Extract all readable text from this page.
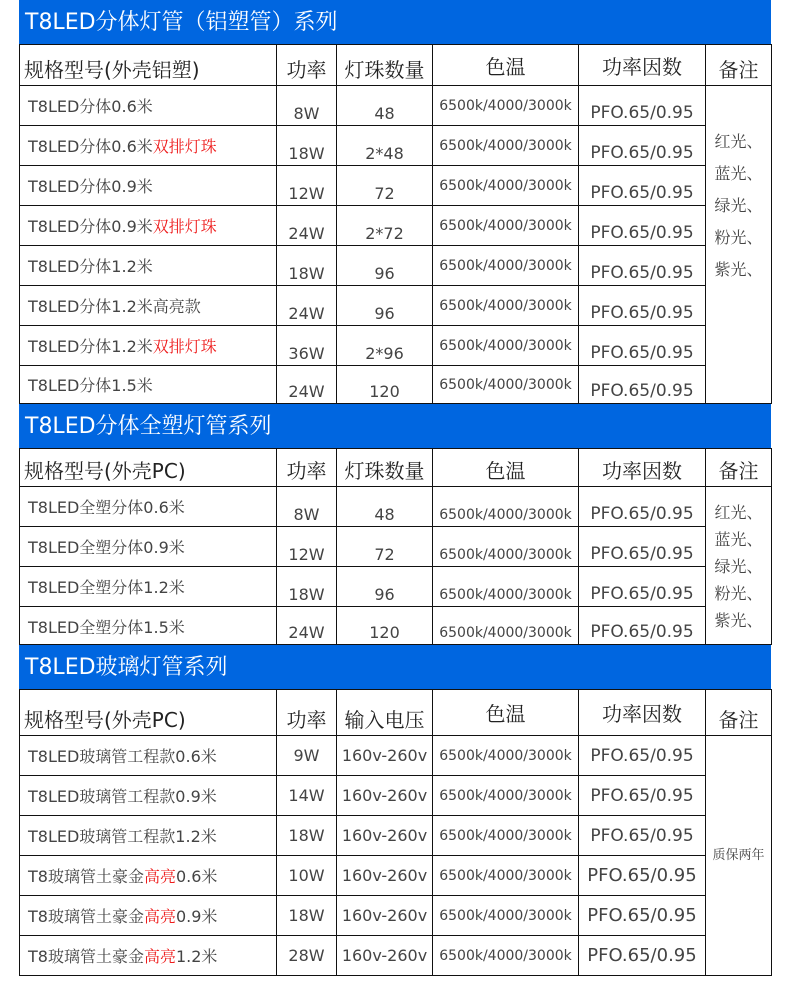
T8LED分体灯管（铝塑管）系列
规格型号(外壳铝塑)	功率	灯珠数量	色温	功率因数	备注
T8LED分体0.6米	8W	48	6500k/4000/3000k	PFO.65/0.95	红光、蓝光、绿光、粉光、紫光、
T8LED分体0.6米双排灯珠	18W	2*48	6500k/4000/3000k	PFO.65/0.95	
T8LED分体0.9米	12W	72	6500k/4000/3000k	PFO.65/0.95	
T8LED分体0.9米双排灯珠	24W	2*72	6500k/4000/3000k	PFO.65/0.95	
T8LED分体1.2米	18W	96	6500k/4000/3000k	PFO.65/0.95	
T8LED分体1.2米高亮款	24W	96	6500k/4000/3000k	PFO.65/0.95	
T8LED分体1.2米双排灯珠	36W	2*96	6500k/4000/3000k	PFO.65/0.95	
T8LED分体1.5米	24W	120	6500k/4000/3000k	PFO.65/0.95	
T8LED分体全塑灯管系列
规格型号(外壳PC)	功率	灯珠数量	色温	功率因数	备注
T8LED全塑分体0.6米	8W	48	6500k/4000/3000k	PFO.65/0.95	红光、蓝光、绿光、粉光、紫光、
T8LED全塑分体0.9米	12W	72	6500k/4000/3000k	PFO.65/0.95	
T8LED全塑分体1.2米	18W	96	6500k/4000/3000k	PFO.65/0.95	
T8LED全塑分体1.5米	24W	120	6500k/4000/3000k	PFO.65/0.95	
T8LED玻璃灯管系列
规格型号(外壳PC)	功率	输入电压	色温	功率因数	备注
T8LED玻璃管工程款0.6米	9W	160v-260v	6500k/4000/3000k	PFO.65/0.95	质保两年
T8LED玻璃管工程款0.9米	14W	160v-260v	6500k/4000/3000k	PFO.65/0.95	
T8LED玻璃管工程款1.2米	18W	160v-260v	6500k/4000/3000k	PFO.65/0.95	
T8玻璃管土豪金高亮0.6米	10W	160v-260v	6500k/4000/3000k	PFO.65/0.95	
T8玻璃管土豪金高亮0.9米	18W	160v-260v	6500k/4000/3000k	PFO.65/0.95	
T8玻璃管土豪金高亮1.2米	28W	160v-260v	6500k/4000/3000k	PFO.65/0.95	
